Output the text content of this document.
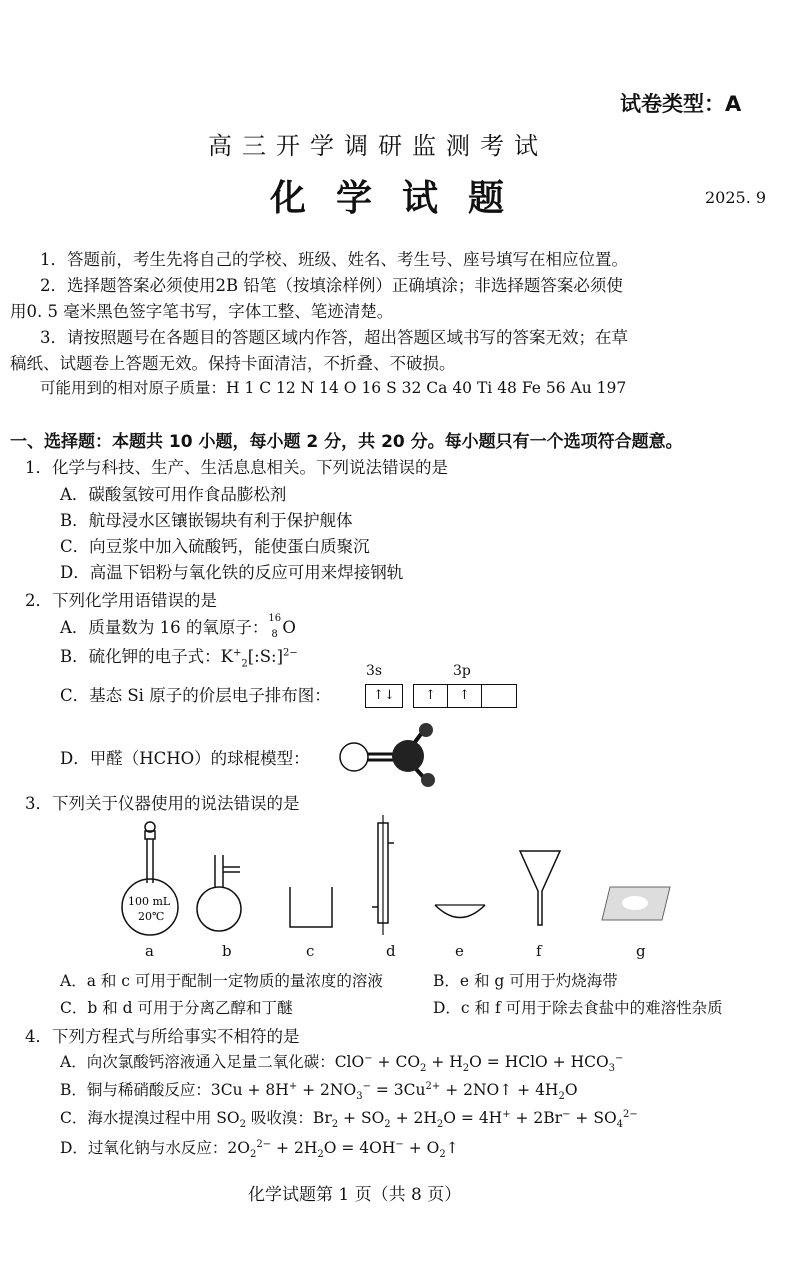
试卷类型：A
高三开学调研监测考试
化学试题	2025. 9
1．答题前，考生先将自己的学校、班级、姓名、考生号、座号填写在相应位置。
2．选择题答案必须使用2B 铅笔（按填涂样例）正确填涂；非选择题答案必须使
用0. 5 毫米黑色签字笔书写，字体工整、笔迹清楚。
3．请按照题号在各题目的答题区域内作答，超出答题区域书写的答案无效；在草
稿纸、试题卷上答题无效。保持卡面清洁，不折叠、不破损。
可能用到的相对原子质量：H 1 C 12 N 14 O 16 S 32 Ca 40 Ti 48 Fe 56 Au 197
一、选择题：本题共 10 小题，每小题 2 分，共 20 分。每小题只有一个选项符合题意。
1．化学与科技、生产、生活息息相关。下列说法错误的是
A．碳酸氢铵可用作食品膨松剂
B．航母浸水区镶嵌锡块有利于保护舰体
C．向豆浆中加入硫酸钙，能使蛋白质聚沉
D．高温下铝粉与氧化铁的反应可用来焊接钢轨
2．下列化学用语错误的是
A．质量数为 16 的氧原子： 16
8 O
B．硫化钾的电子式：$K^+_2[:S:]^{2-}$
C．基态 Si 原子的价层电子排布图：
3s	3p
↑↓	↑	↑
D．甲醛（HCHO）的球棍模型：
3．下列关于仪器使用的说法错误的是
100 mL
20℃
a	b	c	d	e	f	g
A．a 和 c 可用于配制一定物质的量浓度的溶液	B．e 和 g 可用于灼烧海带
C．b 和 d 可用于分离乙醇和丁醚	D．c 和 f 可用于除去食盐中的难溶性杂质
4．下列方程式与所给事实不相符的是
A．向次氯酸钙溶液通入足量二氧化碳：$ClO^- + CO_2 + H_2O$ = HClO + $HCO_3^-$
B．铜与稀硝酸反应：$3Cu + 8H^+ + 2NO_3^- = 3Cu^{2+}$ + 2NO↑ + $4H_2O$
C．海水提溴过程中用 $SO_2$ 吸收溴：$Br_2 + SO_2 + 2H_2O = 4H^+ + 2Br^- + SO_4^{2-}$
D．过氧化钠与水反应：$2O_2^{2-} + 2H_2O = 4OH^-$ + $O_2↑$
化学试题第 1 页（共 8 页）
